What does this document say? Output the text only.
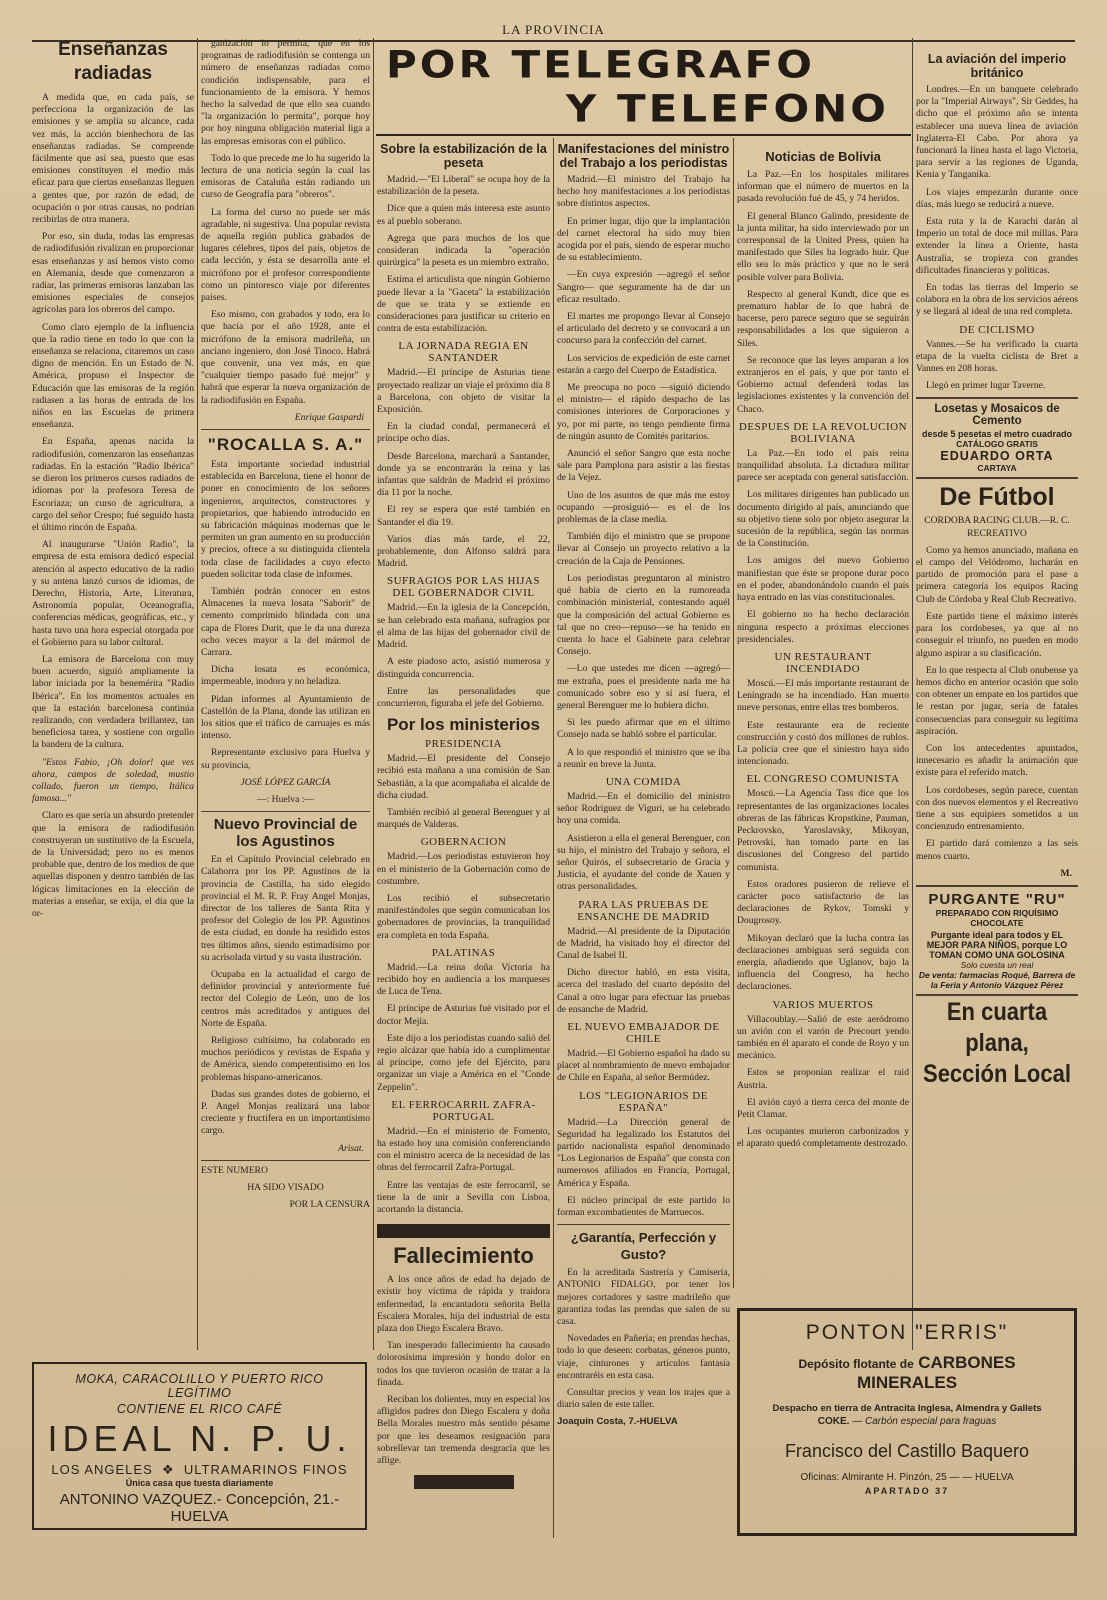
LA PROVINCIA
POR TELEGRAFO
Y TELEFONO
Enseñanzas radiadas

A medida que, en cada país, se perfecciona la organización de las emisiones y se amplía su alcance, cada vez más, la acción bienhechora de las enseñanzas radiadas. Se comprende fácilmente que así sea, puesto que esas emisiones constituyen el medio más eficaz para que ciertas enseñanzas lleguen a gentes que, por razón de edad, de ocupación o por otras causas, no podrían recibirlas de otra manera.

Por eso, sin duda, todas las empresas de radiodifusión rivalizan en proporcionar esas enseñanzas y así hemos visto como en Alemania, desde que comenzaron a radiar, las primeras emisoras lanzaban las emisiones especiales de consejos agrícolas para los obreros del campo.

Como claro ejemplo de la influencia que la radio tiene en todo lo que con la enseñanza se relaciona, citaremos un caso digno de mención. En un Estado de N. América, propuso el Inspector de Educación que las emisoras de la región radiasen a las horas de entrada de los niños en las Escuelas de primera enseñanza.

En España, apenas nacida la radiodifusión, comenzaron las enseñanzas radiadas. En la estación "Radio Ibérica" se dieron los primeros cursos radiados de idiomas por la profesora Teresa de Escoriaza; un curso de agricultura, a cargo del señor Crespo; fué seguido hasta el último rincón de España.

Al inaugurarse "Unión Radio", la empresa de esta emisora dedicó especial atención al aspecto educativo de la radio y su antena lanzó cursos de idiomas, de Derecho, Historia, Arte, Literatura, Astronomía popular, Oceanografía, conferencias médicas, geográficas, etc., y hasta tuvo una hora especial otorgada por el Gobierno para su labor cultural.

La emisora de Barcelona con muy buen acuerdo, siguió ampliamente la labor iniciada por la benemérita "Radio Ibérica". En los momentos actuales en que la estación barcelonesa continúa realizando, con verdadera brillantez, tan beneficiosa tarea, y sostiene con orgullo la bandera de la cultura.

"Estos Fabio, ¡Oh dolor! que ves ahora, campos de soledad, mustio collado, fueron un tiempo, Itálica famosa..."

Claro es que sería un absurdo pretender que la emisora de radiodifusión construyeran un sustitutivo de la Escuela, de la Universidad; pero no es menos probable que, dentro de los medios de que aquellas disponen y dentro también de las lógicas limitaciones en la elección de materias a enseñar, se exija, el día que la or-

ganización lo permita, que en los programas de radiodifusión se contenga un número de enseñanzas radiadas como condición indispensable, para el funcionamiento de la emisora. Y hemos hecho la salvedad de que ello sea cuando "la organización lo permita", porque hoy por hoy ninguna obligación material liga a las empresas emisoras con el público.

Todo lo que precede me lo ha sugerido la lectura de una noticia según la cual las emisoras de Cataluña están radiando un curso de Geografía para "obreros".

La forma del curso no puede ser más agradable, ni sugestiva. Una popular revista de aquella región publica grabados de lugares célebres, tipos del país, objetos de cada lección, y ésta se desarrolla ante el micrófono por el profesor correspondiente como un pintoresco viaje por diferentes países.

Eso mismo, con grabados y todo, era lo que hacía por el año 1928, ante el micrófono de la emisora madrileña, un anciano ingeniero, don José Tinoco. Habrá que convenir, una vez más, en que "cualquier tiempo pasado fué mejor" y habrá que esperar la nueva organización de la radiodifusión en España.

Enrique Gaspardi
"ROCALLA S. A."

Esta importante sociedad industrial establecida en Barcelona, tiene el honor de poner en conocimiento de los señores ingenieros, arquitectos, constructores y propietarios, que habiendo introducido en su fabricación máquinas modernas que le permiten un gran aumento en su producción y precios, ofrece a su distinguida clientela toda clase de facilidades a cuyo efecto pueden solicitar toda clase de informes.

También podrán conocer en estos Almacenes la nueva losata "Saborit" de cemento comprimido blindada con una capa de Flores Durit, que le da una dureza ocho veces mayor a la del mármol de Carrara.

Dicha losata es económica, impermeable, inodora y no heladiza.

Pidan informes al Ayuntamiento de Castellón de la Plana, donde las utilizan en los sitios que el tráfico de carruajes es más intenso.

Representante exclusivo para Huelva y su provincia,

JOSÉ LÓPEZ GARCÍA
—: Huelva :—
Nuevo Provincial de los Agustinos

En el Capítulo Provincial celebrado en Calahorra por los PP. Agustinos de la provincia de Castilla, ha sido elegido provincial el M. R. P. Fray Angel Monjas, director de los talleres de Santa Rita y profesor del Colegio de los PP. Agustinos de esta ciudad, en donde ha residido estos tres últimos años, siendo estimadísimo por su acrisolada virtud y su vasta ilustración.

Ocupaba en la actualidad el cargo de definidor provincial y anteriormente fué rector del Colegio de León, uno de los centros más acreditados y antiguos del Norte de España.

Religioso cultísimo, ha colaborado en muchos periódicos y revistas de España y de América, siendo competentísimo en los problemas hispano-americanos.

Dadas sus grandes dotes de gobierno, el P. Angel Monjas realizará una labor creciente y fructífera en un importantísimo cargo.

Arisat.
ESTE NUMERO
HA SIDO VISADO
POR LA CENSURA
Sobre la estabilización de la peseta

Madrid.—"El Liberal" se ocupa hoy de la estabilización de la peseta.

Dice que a quien más interesa este asunto es al pueblo soberano.

Agrega que para muchos de los que consideran indicada la "operación quirúrgica" la peseta es un miembro extraño.

Estima el articulista que ningún Gobierno puede llevar a la "Gaceta" la estabilización de que se trata y se extiende en consideraciones para justificar su criterio en contra de esta estabilización.

LA JORNADA REGIA EN SANTANDER

Madrid.—El príncipe de Asturias tiene proyectado realizar un viaje el próximo día 8 a Barcelona, con objeto de visitar la Exposición.

En la ciudad condal, permanecerá el príncipe ocho días.

Desde Barcelona, marchará a Santander, donde ya se encontrarán la reina y las infantas que saldrán de Madrid el próximo día 11 por la noche.

El rey se espera que esté también en Santander el día 19.

Varios días más tarde, el 22, probablemente, don Alfonso saldrá para Madrid.

SUFRAGIOS POR LAS HIJAS DEL GOBERNADOR CIVIL

Madrid.—En la iglesia de la Concepción, se han celebrado esta mañana, sufragios por el alma de las hijas del gobernador civil de Madrid.

A este piadoso acto, asistió numerosa y distinguida concurrencia.

Entre las personalidades que concurrieron, figuraba el jefe del Gobierno.

Por los ministerios
PRESIDENCIA

Madrid.—El presidente del Consejo recibió esta mañana a una comisión de San Sebastián, a la que acompañaba el alcalde de dicha ciudad.

También recibió al general Berenguer y al marqués de Valderas.

GOBERNACION

Madrid.—Los periodistas estuvieron hoy en el ministerio de la Gobernación como de costumbre.

Los recibió el subsecretario manifestándoles que según comunicaban los gobernadores de provincias, la tranquilidad era completa en toda España.

PALATINAS

Madrid.—La reina doña Victoria ha recibido hoy en audiencia a los marqueses de Luca de Tena.

El príncipe de Asturias fué visitado por el doctor Mejía.

Este dijo a los periodistas cuando salió del regio alcázar que había ido a cumplimentar al príncipe, como jefe del Ejército, para organizar un viaje a América en el "Conde Zeppelin".

EL FERROCARRIL ZAFRA-PORTUGAL

Madrid.—En el ministerio de Fomento, ha estado hoy una comisión conferenciando con el ministro acerca de la necesidad de las obras del ferrocarril Zafra-Portugal.

Entre las ventajas de este ferrocarril, se tiene la de unir a Sevilla con Lisboa, acortando la distancia.

Fallecimiento

A los once años de edad ha dejado de existir hoy víctima de rápida y traidora enfermedad, la encantadora señorita Bella Escalera Morales, hija del industrial de esta plaza don Diego Escalera Bravo.

Tan inesperado fallecimiento ha causado dolorosísima impresión y hondo dolor en todos los que tuvieron ocasión de tratar a la finada.

Reciban los dolientes, muy en especial los afligidos padres don Diego Escalera y doña Bella Morales nuestro más sentido pésame por que les deseamos resignación para sobrellevar tan tremenda desgracia que les aflige.

Manifestaciones del ministro del Trabajo a los periodistas

Madrid.—El ministro del Trabajo ha hecho hoy manifestaciones a los periodistas sobre distintos aspectos.

En primer lugar, dijo que la implantación del carnet electoral ha sido muy bien acogida por el país, siendo de esperar mucho de su establecimiento.

—En cuya expresión —agregó el señor Sangro— que seguramente ha de dar un eficaz resultado.

El martes me propongo llevar al Consejo el articulado del decreto y se convocará a un concurso para la confección del carnet.

Los servicios de expedición de este carnet estarán a cargo del Cuerpo de Estadística.

Me preocupa no poco —siguió diciendo el ministro— el rápido despacho de las comisiones interiores de Corporaciones y yo, por mi parte, no tengo pendiente firma de ningún asunto de Comités paritarios.

Anunció el señor Sangro que esta noche sale para Pamplona para asistir a las fiestas de la Vejez.

Uno de los asuntos de que más me estoy ocupando —prosiguió— es el de los problemas de la clase media.

También dijo el ministro que se propone llevar al Consejo un proyecto relativo a la creación de la Caja de Pensiones.

Los periodistas preguntaron al ministro qué había de cierto en la rumoreada combinación ministerial, contestando aquél que la composición del actual Gobierno es tal que no creo—repuso—se ha tenido en cuenta lo hace el Gabinete para celebrar Consejo.

—Lo que ustedes me dicen —agregó— me extraña, pues el presidente nada me ha comunicado sobre eso y si así fuera, el general Berenguer me lo hubiera dicho.

Si les puedo afirmar que en el último Consejo nada se habló sobre el particular.

A lo que respondió el ministro que se iba a reunir en breve la Junta.

UNA COMIDA

Madrid.—En el domicilio del ministro señor Rodríguez de Viguri, se ha celebrado hoy una comida.

Asistieron a ella el general Berenguer, con su hijo, el ministro del Trabajo y señora, el señor Quirós, el subsecretario de Gracia y Justicia, el ayudante del conde de Xauen y otras personalidades.

PARA LAS PRUEBAS DE ENSANCHE DE MADRID

Madrid.—Al presidente de la Diputación de Madrid, ha visitado hoy el director del Canal de Isabel II.

Dicho director habló, en esta visita, acerca del traslado del cuarto depósito del Canal a otro lugar para efectuar las pruebas de ensanche de Madrid.

EL NUEVO EMBAJADOR DE CHILE

Madrid.—El Gobierno español ha dado su placet al nombramiento de nuevo embajador de Chile en España, al señor Bermúdez.

LOS "LEGIONARIOS DE ESPAÑA"

Madrid.—La Dirección general de Seguridad ha legalizado los Estatutos del partido nacionalista español denominado "Los Legionarios de España" que consta con numerosos afiliados en Francia, Portugal, América y España.

El núcleo principal de este partido lo forman excombatientes de Marruecos.

¿Garantía, Perfección y Gusto?

En la acreditada Sastrería y Camisería, ANTONIO FIDALGO, por tener los mejores cortadores y sastre madrileño que garantiza todas las prendas que salen de su casa.

Novedades en Pañería; en prendas hechas, todo lo que deseen: corbatas, géneros punto, viaje, cinturones y artículos fantasía encontraréis en esta casa.

Consultar precios y vean los trajes que a diario salen de este taller.

Joaquín Costa, 7.-HUELVA
Noticias de Bolivia

La Paz.—En los hospitales militares informan que el número de muertos en la pasada revolución fué de 45, y 74 heridos.

El general Blanco Galindo, presidente de la junta militar, ha sido interviewado por un corresponsal de la United Press, quien ha manifestado que Siles ha logrado huir. Que ello sea lo más práctico y que no le será posible volver para Bolivia.

Respecto al general Kundt, dice que es prematuro hablar de lo que habrá de hacerse, pero parece seguro que se seguirán responsabilidades a los que siguieron a Siles.

Se reconoce que las leyes amparan a los extranjeros en el país, y que por tanto el Gobierno actual defenderá todas las legislaciones existentes y la convención del Chaco.

DESPUES DE LA REVOLUCION BOLIVIANA

La Paz.—En todo el país reina tranquilidad absoluta. La dictadura militar parece ser aceptada con general satisfacción.

Los militares dirigentes han publicado un documento dirigido al país, anunciando que su objetivo tiene solo por objeto asegurar la sucesión de la república, según las normas de la Constitución.

Los amigos del nuevo Gobierno manifiestan que éste se propone durar poco en el poder, abandonándolo cuando el país haya entrado en las vías constitucionales.

El gobierno no ha hecho declaración ninguna respecto a próximas elecciones presidenciales.

UN RESTAURANT INCENDIADO

Moscú.—El más importante restaurant de Leningrado se ha incendiado. Han muerto nueve personas, entre ellas tres bomberos.

Este restaurante era de reciente construcción y costó dos millones de rublos. La policía cree que el siniestro haya sido intencionado.

EL CONGRESO COMUNISTA

Moscú.—La Agencia Tass dice que los representantes de las organizaciones locales obreras de las fábricas Kropstkine, Pauman, Peckrovsko, Yaroslavsky, Mikoyan, Petrovski, han tomado parte en las discusiones del Congreso del partido comunista.

Estos oradores pusieron de relieve el carácter poco satisfactorio de las declaraciones de Rykov, Tomski y Dougrosoy.

Mikoyan declaró que la lucha contra las declaraciones ambiguas será seguida con energía, añadiendo que Uglanov, bajo la influencia del Congreso, ha hecho declaraciones.

VARIOS MUERTOS

Villacoublay.—Salió de este aeródromo un avión con el varón de Precourt yendo también en él aparato el conde de Royo y un mecánico.

Estos se proponían realizar el raid Austria.

El avión cayó a tierra cerca del monte de Petit Clamar.

Los ocupantes murieron carbonizados y el aparato quedó completamente destrozado.

La aviación del imperio británico

Londres.—En un banquete celebrado por la "Imperial Airways", Sir Geddes, ha dicho que el próximo año se intenta establecer una nueva línea de aviación Inglaterra-El Cabo. Por ahora ya funcionará la línea hasta el lago Victoria, para servir a las regiones de Uganda, Kenia y Tanganika.

Los viajes empezarán durante once días, más luego se reducirá a nueve.

Esta ruta y la de Karachi darán al Imperio un total de doce mil millas. Para extender la línea a Oriente, hasta Australia, se tropieza con grandes dificultades financieras y políticas.

En todas las tierras del Imperio se colabora en la obra de los servicios aéreos y se llegará al ideal de una red completa.

DE CICLISMO

Vannes.—Se ha verificado la cuarta etapa de la vuelta ciclista de Bret a Vannes en 208 horas.

Llegó en primer lugar Taverne.

Losetas y Mosaicos de Cemento
desde 5 pesetas el metro cuadrado
CATÁLOGO GRATIS
EDUARDO ORTA
CARTAYA
De Fútbol
CORDOBA RACING CLUB.—R. C. RECREATIVO

Como ya hemos anunciado, mañana en el campo del Velódromo, lucharán en partido de promoción para el pase a primera categoría los equipos Racing Club de Córdoba y Real Club Recreativo.

Este partido tiene el máximo interés para los cordobeses, ya que al no conseguir el triunfo, no pueden en modo alguno aspirar a su clasificación.

En lo que respecta al Club onubense ya hemos dicho en anterior ocasión que solo con obtener un empate en los partidos que le restan por jugar, sería de fatales consecuencias para conseguir su legítima aspiración.

Con los antecedentes apuntados, innecesario es añadir la animación que existe para el referido match.

Los cordobeses, según parece, cuentan con dos nuevos elementos y el Recreativo tiene a sus equipiers sometidos a un concienzudo entrenamiento.

El partido dará comienzo a las seis menos cuarto.

M.
PURGANTE "RU"
PREPARADO CON RIQUÍSIMO CHOCOLATE
Purgante ideal para todos y EL MEJOR PARA NIÑOS, porque LO TOMAN COMO UNA GOLOSINA
Solo cuesta un real
De venta: farmacias Roqué, Barrera de la Feria y Antonio Vázquez Pérez
En cuarta plana,
Sección Local
MOKA, CARACOLILLO Y PUERTO RICO LEGÍTIMO
CONTIENE EL RICO CAFÉ
IDEAL N. P. U.
LOS ANGELES  ❖  ULTRAMARINOS FINOS
Única casa que tuesta diariamente
ANTONINO VAZQUEZ.- Concepción, 21.-HUELVA
PONTON "ERRIS"
Depósito flotante de CARBONES MINERALES
Despacho en tierra de Antracita Inglesa, Almendra y Gallets
COKE. — Carbón especial para fraguas
Francisco del Castillo Baquero
Oficinas: Almirante H. Pinzón, 25 — — HUELVA
APARTADO 37
